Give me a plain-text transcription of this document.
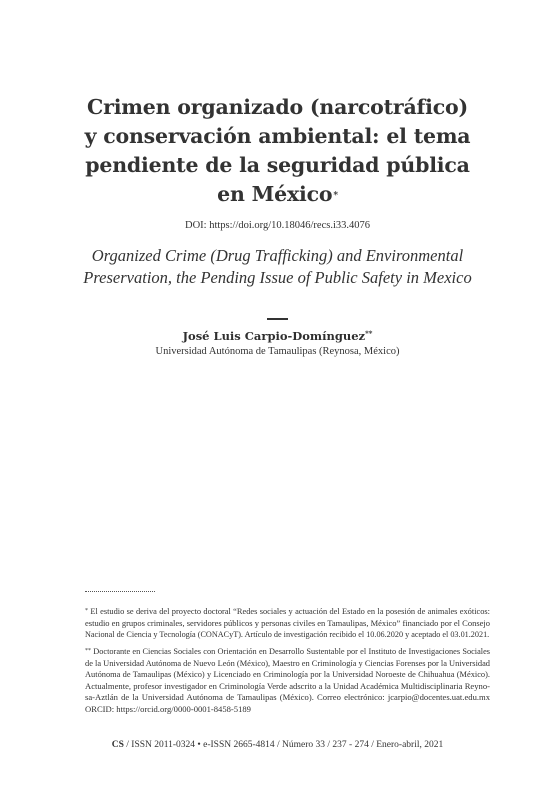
Crimen organizado (narcotráfico)
y conservación ambiental: el tema
pendiente de la seguridad pública
en México*
DOI: https://doi.org/10.18046/recs.i33.4076
Organized Crime (Drug Trafficking) and Environmental
Preservation, the Pending Issue of Public Safety in Mexico
José Luis Carpio-Domínguez**
Universidad Autónoma de Tamaulipas (Reynosa, México)
* El estudio se deriva del proyecto doctoral “Redes sociales y actuación del Estado en la posesión de animales exóticos:
estudio en grupos criminales, servidores públicos y personas civiles en Tamaulipas, México” financiado por el Consejo
Nacional de Ciencia y Tecnología (CONACyT). Artículo de investigación recibido el 10.06.2020 y aceptado el 03.01.2021.
** Doctorante en Ciencias Sociales con Orientación en Desarrollo Sustentable por el Instituto de Investigaciones Sociales
de la Universidad Autónoma de Nuevo León (México), Maestro en Criminología y Ciencias Forenses por la Universidad
Autónoma de Tamaulipas (México) y Licenciado en Criminología por la Universidad Noroeste de Chihuahua (México).
Actualmente, profesor investigador en Criminología Verde adscrito a la Unidad Académica Multidisciplinaria Reyno-
sa-Aztlán de la Universidad Autónoma de Tamaulipas (México). Correo electrónico: jcarpio@docentes.uat.edu.mx
ORCID: https://orcid.org/0000-0001-8458-5189
CS / ISSN 2011-0324 • e-ISSN 2665-4814 / Número 33 / 237 - 274 / Enero-abril, 2021
